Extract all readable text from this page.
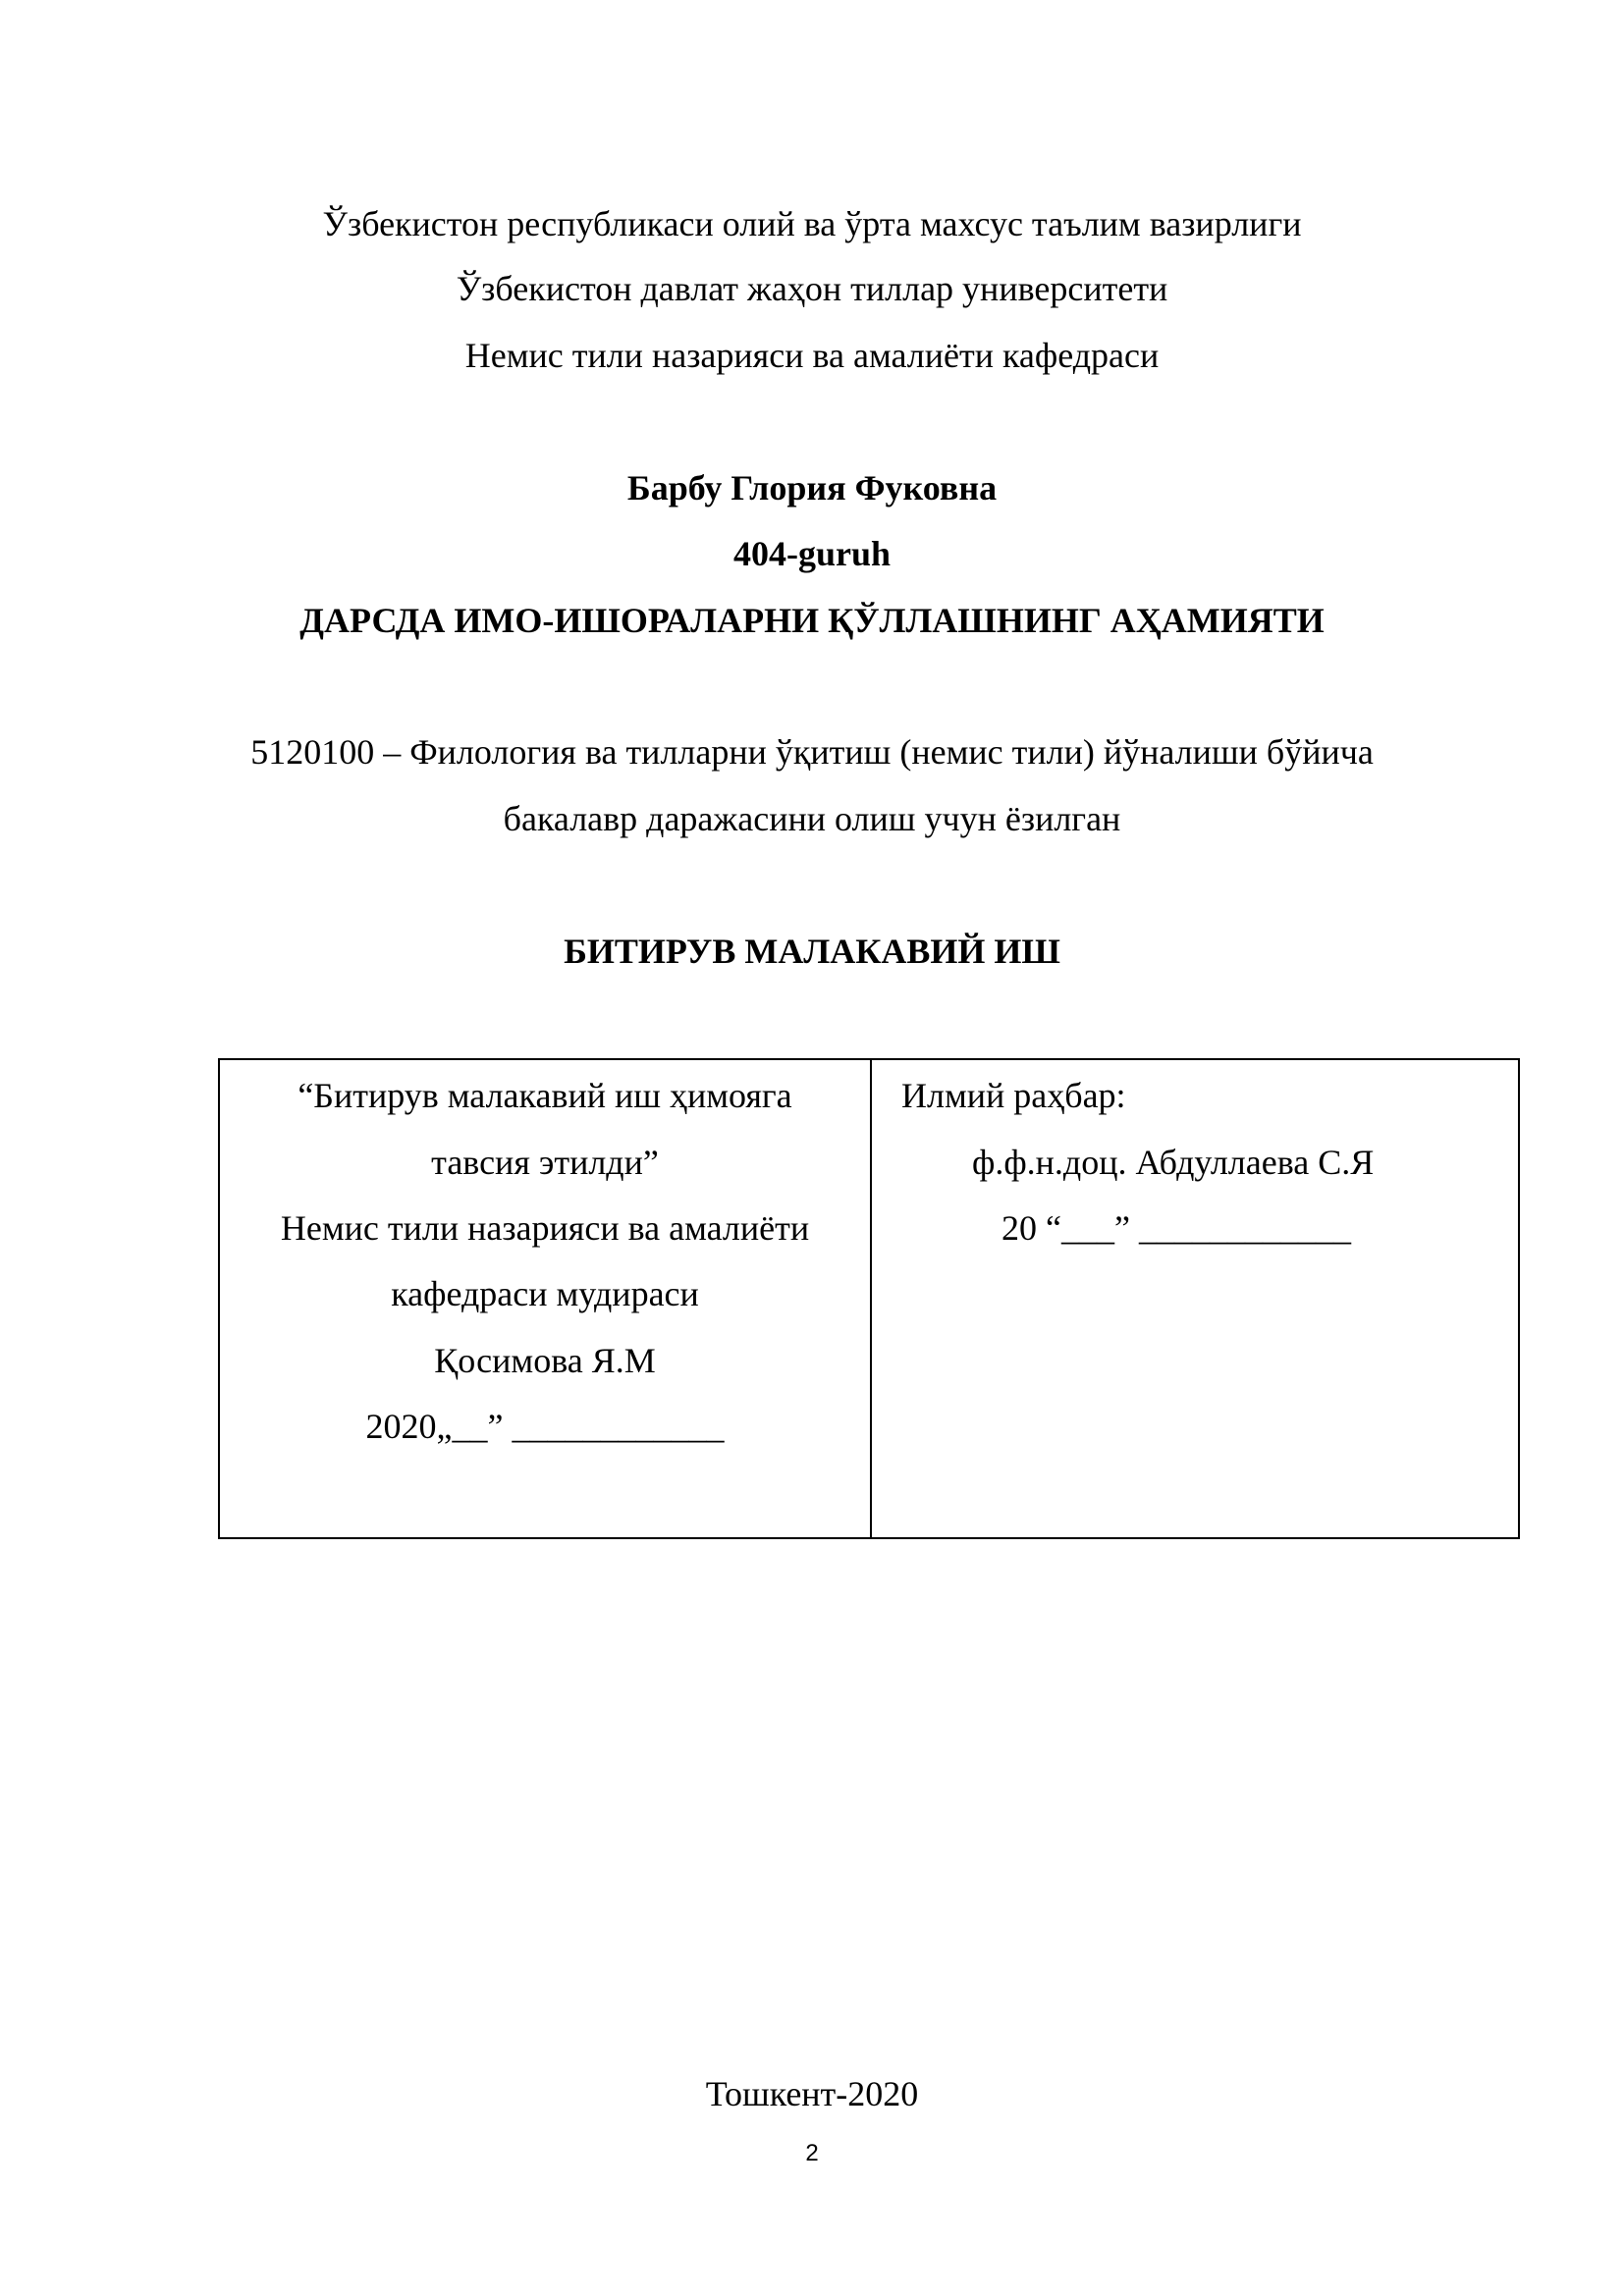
Ўзбекистон республикаси олий ва ўрта махсус таълим вазирлиги
Ўзбекистон давлат жаҳон тиллар университети
Немис тили назарияси ва амалиёти кафедраси
Барбу Глория Фуковна
404-guruh
ДАРСДА ИМО-ИШОРАЛАРНИ ҚЎЛЛАШНИНГ АҲАМИЯТИ
5120100 – Филология ва тилларни ўқитиш (немис тили) йўналиши бўйича
бакалавр даражасини олиш учун ёзилган
БИТИРУВ МАЛАКАВИЙ ИШ
“Битирув малакавий иш ҳимояга
тавсия этилди”
Немис тили назарияси ва амалиёти
кафедраси мудираси
Қосимова Я.М
2020„__” ____________
Илмий раҳбар:
ф.ф.н.доц. Абдуллаева С.Я
20 “___” ____________
Тошкент-2020
2
